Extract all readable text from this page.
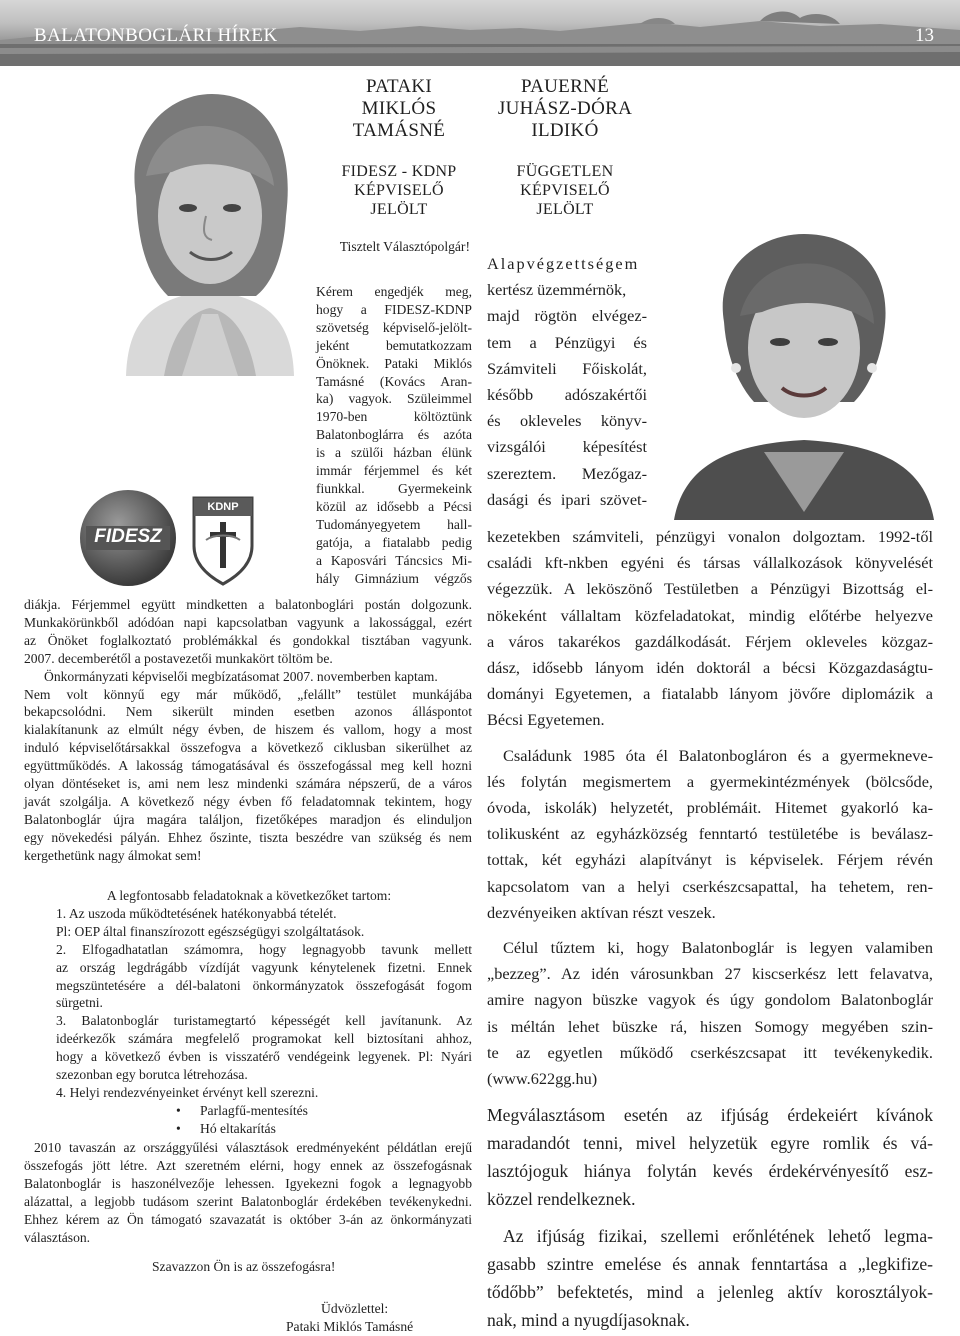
BALATONBOGLÁRI HÍREK	13
PATAKI
MIKLÓS
TAMÁSNÉ
FIDESZ - KDNP
KÉPVISELŐ
JELÖLT
PAUERNÉ
JUHÁSZ-DÓRA
ILDIKÓ
FÜGGETLEN
KÉPVISELŐ
JELÖLT
Tisztelt Választópolgár!

Kérem engedjék meg,

hogy a FIDESZ-KDNP

szövetség képviselő-jelölt-

jeként bemutatkozzam

Önöknek. Pataki Miklós

Tamásné (Kovács Aran-

ka) vagyok. Szüleimmel

1970-ben költöztünk

Balatonboglárra és azóta

is a szülői házban élünk

immár férjemmel és két

fiunkkal. Gyermekeink

közül az idősebb a Pécsi

Tudományegyetem hall-

gatója, a fiatalabb pedig

a Kaposvári Táncsics Mi-

hály Gimnázium végzős

FIDESZ
KDNP

diákja. Férjemmel együtt mindketten a balatonboglári postán dolgozunk.

Munkakörünkből adódóan napi kapcsolatban vagyunk a lakossággal, ezért

az Önöket foglalkoztató problémákkal és gondokkal tisztában vagyunk.

2007. decemberétől a postavezetői munkakört töltöm be.

Önkormányzati képviselői megbízatásomat 2007. novemberben kaptam.

Nem volt könnyű egy már működő, „felállt” testület munkájába

bekapcsolódni. Nem sikerült minden esetben azonos álláspontot

kialakítanunk az elmúlt négy évben, de hiszem és vallom, hogy a most

induló képviselőtársakkal összefogva a következő ciklusban sikerülhet az

együttműködés. A lakosság támogatásával és összefogással meg kell hozni

olyan döntéseket is, ami nem lesz mindenki számára népszerű, de a város

javát szolgálja. A következő négy évben fő feladatomnak tekintem, hogy

Balatonboglár újra magára találjon, fizetőképes maradjon és elinduljon

egy növekedési pályán. Ehhez őszinte, tiszta beszédre van szükség és nem

kergethetünk nagy álmokat sem!

A legfontosabb feladatoknak a következőket tartom:

1. Az uszoda működtetésének hatékonyabbá tételét.

Pl: OEP által finanszírozott egészségügyi szolgáltatások.

2. Elfogadhatatlan számomra, hogy legnagyobb tavunk mellett

az ország legdrágább vízdíját vagyunk kénytelenek fizetni. Ennek

megszüntetésére a dél-balatoni önkormányzatok összefogását fogom

sürgetni.

3. Balatonboglár turistamegtartó képességét kell javítanunk. Az

ideérkezők számára megfelelő programokat kell biztosítani ahhoz,

hogy a következő évben is visszatérő vendégeink legyenek. Pl: Nyári

szezonban egy borutca létrehozása.

4. Helyi rendezvényeinket érvényt kell szerezni.

• Parlagfű-mentesítés

• Hó eltakarítás

2010 tavaszán az országgyűlési választások eredményeként példátlan erejű

összefogás jött létre. Azt szeretném elérni, hogy ennek az összefogásnak

Balatonboglár is haszonélvezője lehessen. Igyekezni fogok a legnagyobb

alázattal, a legjobb tudásom szerint Balatonboglár érdekében tevékenykedni.

Ehhez kérem az Ön támogató szavazatát is október 3-án az önkormányzati

választáson.

Szavazzon Ön is az összefogásra!

Üdvözlettel:

Pataki Miklós Tamásné

Alapvégzettségem

kertész üzemmérnök,

majd rögtön elvégez-

tem a Pénzügyi és

Számviteli Főiskolát,

később adószakértői

és okleveles könyv-

vizsgálói képesítést

szereztem. Mezőgaz-

dasági és ipari szövet-

kezetekben számviteli, pénzügyi vonalon dolgoztam. 1992-től

családi kft-nkben egyéni és társas vállalkozások könyvelését

végezzük. A leköszönő Testületben a Pénzügyi Bizottság el-

nökeként vállaltam közfeladatokat, mindig előtérbe helyezve

a város takarékos gazdálkodását. Férjem okleveles közgaz-

dász, idősebb lányom idén doktorál a bécsi Közgazdaságtu-

dományi Egyetemen, a fiatalabb lányom jövőre diplomázik a

Bécsi Egyetemen.

Családunk 1985 óta él Balatonbogláron és a gyermekneve-

lés folytán megismertem a gyermekintézmények (bölcsőde,

óvoda, iskolák) helyzetét, problémáit. Hitemet gyakorló ka-

tolikusként az egyházközség fenntartó testületébe is beválasz-

tottak, két egyházi alapítványt is képviselek. Férjem révén

kapcsolatom van a helyi cserkészcsapattal, ha tehetem, ren-

dezvényeiken aktívan részt veszek.

Célul tűztem ki, hogy Balatonboglár is legyen valamiben

„bezzeg”. Az idén városunkban 27 kiscserkész lett felavatva,

amire nagyon büszke vagyok és úgy gondolom Balatonboglár

is méltán lehet büszke rá, hiszen Somogy megyében szin-

te az egyetlen működő cserkészcsapat itt tevékenykedik.

(www.622gg.hu)

Megválasztásom esetén az ifjúság érdekeiért kívánok

maradandót tenni, mivel helyzetük egyre romlik és vá-

lasztójoguk hiánya folytán kevés érdekérvényesítő esz-

közzel rendelkeznek.

Az ifjúság fizikai, szellemi erőnlétének lehető legma-

gasabb szintre emelése és annak fenntartása a „legkifize-

tődőbb” befektetés, mind a jelenleg aktív korosztályok-

nak, mind a nyugdíjasoknak.
